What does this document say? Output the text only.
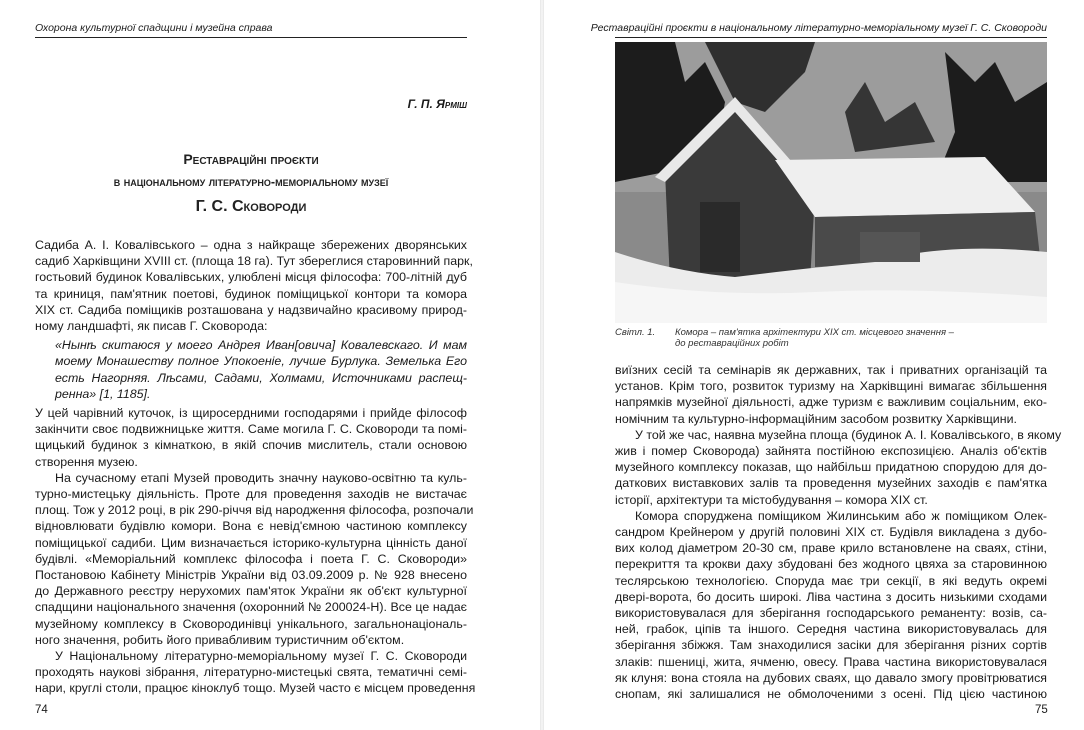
Охорона культурної спадщини і музейна справа
Г. П. Ярміш
Реставраційні проєкти
в національному літературно-меморіальному музеї
Г. С. Сковороди
Садиба А. І. Ковалівського – одна з найкраще збережених дворянських
садиб Харківщини XVIII ст. (площа 18 га). Тут збереглися старовинний парк,
гостьовий будинок Ковалівських, улюблені місця філософа: 700-літній дуб
та криниця, пам'ятник поетові, будинок поміщицької контори та комора
XIX ст. Садиба поміщиків розташована у надзвичайно красивому природ-
ному ландшафті, як писав Г. Сковорода:
«Нынѣ скитаюся у моего Андрея Иван[овича] Ковалевскаго. И мам
моему Монашеству полное Упокоеніе, лучше Бурлука. Земелька Его
есть Нагорняя. Лѣсами, Садами, Холмами, Источниками распещ-
ренна» [1, 1185].
У цей чарівний куточок, із щиросердними господарями і прийде філософ
закінчити своє подвижницьке життя. Саме могила Г. С. Сковороди та помі-
щицький будинок з кімнаткою, в якій спочив мислитель, стали основою
створення музею.
На сучасному етапі Музей проводить значну науково-освітню та куль-
турно-мистецьку діяльність. Проте для проведення заходів не вистачає
площ. Тож у 2012 році, в рік 290-річчя від народження філософа, розпочали
відновлювати будівлю комори. Вона є невід'ємною частиною комплексу
поміщицької садиби. Цим визначається історико-культурна цінність даної
будівлі. «Меморіальний комплекс філософа і поета Г. С. Сковороди»
Постановою Кабінету Міністрів України від 03.09.2009 р. № 928 внесено
до Державного реєстру нерухомих пам'яток України як об'єкт культурної
спадщини національного значення (охоронний № 200024-Н). Все це надає
музейному комплексу в Сковородинівці унікального, загальнонаціональ-
ного значення, робить його привабливим туристичним об'єктом.
У Національному літературно-меморіальному музеї Г. С. Сковороди
проходять наукові зібрання, літературно-мистецькі свята, тематичні семі-
нари, круглі столи, працює кіноклуб тощо. Музей часто є місцем проведення
74
Реставраційні проєкти в національному літературно-меморіальному музеї Г. С. Сковороди
Світл. 1. Комора – пам'ятка архітектури XIX ст. місцевого значення –
до реставраційних робіт
виїзних сесій та семінарів як державних, так і приватних організацій та
установ. Крім того, розвиток туризму на Харківщині вимагає збільшення
напрямків музейної діяльності, адже туризм є важливим соціальним, еко-
номічним та культурно-інформаційним засобом розвитку Харківщини.
У той же час, наявна музейна площа (будинок А. І. Ковалівського, в якому
жив і помер Сковорода) зайнята постійною експозицією. Аналіз об'єктів
музейного комплексу показав, що найбільш придатною спорудою для до-
даткових виставкових залів та проведення музейних заходів є пам'ятка
історії, архітектури та містобудування – комора XIX ст.
Комора споруджена поміщиком Жилинським або ж поміщиком Олек-
сандром Крейнером у другій половині XIX ст. Будівля викладена з дубо-
вих колод діаметром 20-30 см, праве крило встановлене на сваях, стіни,
перекриття та крокви даху збудовані без жодного цвяха за старовинною
теслярською технологією. Споруда має три секції, в які ведуть окремі
двері-ворота, бо досить широкі. Ліва частина з досить низькими сходами
використовувалася для зберігання господарського реманенту: возів, са-
ней, грабок, ціпів та іншого. Середня частина використовувалась для
зберігання збіжжя. Там знаходилися засіки для зберігання різних сортів
злаків: пшениці, жита, ячменю, овесу. Права частина використовувалася
як клуня: вона стояла на дубових сваях, що давало змогу провітрюватися
снопам, які залишалися не обмолоченими з осені. Під цією частиною
75
